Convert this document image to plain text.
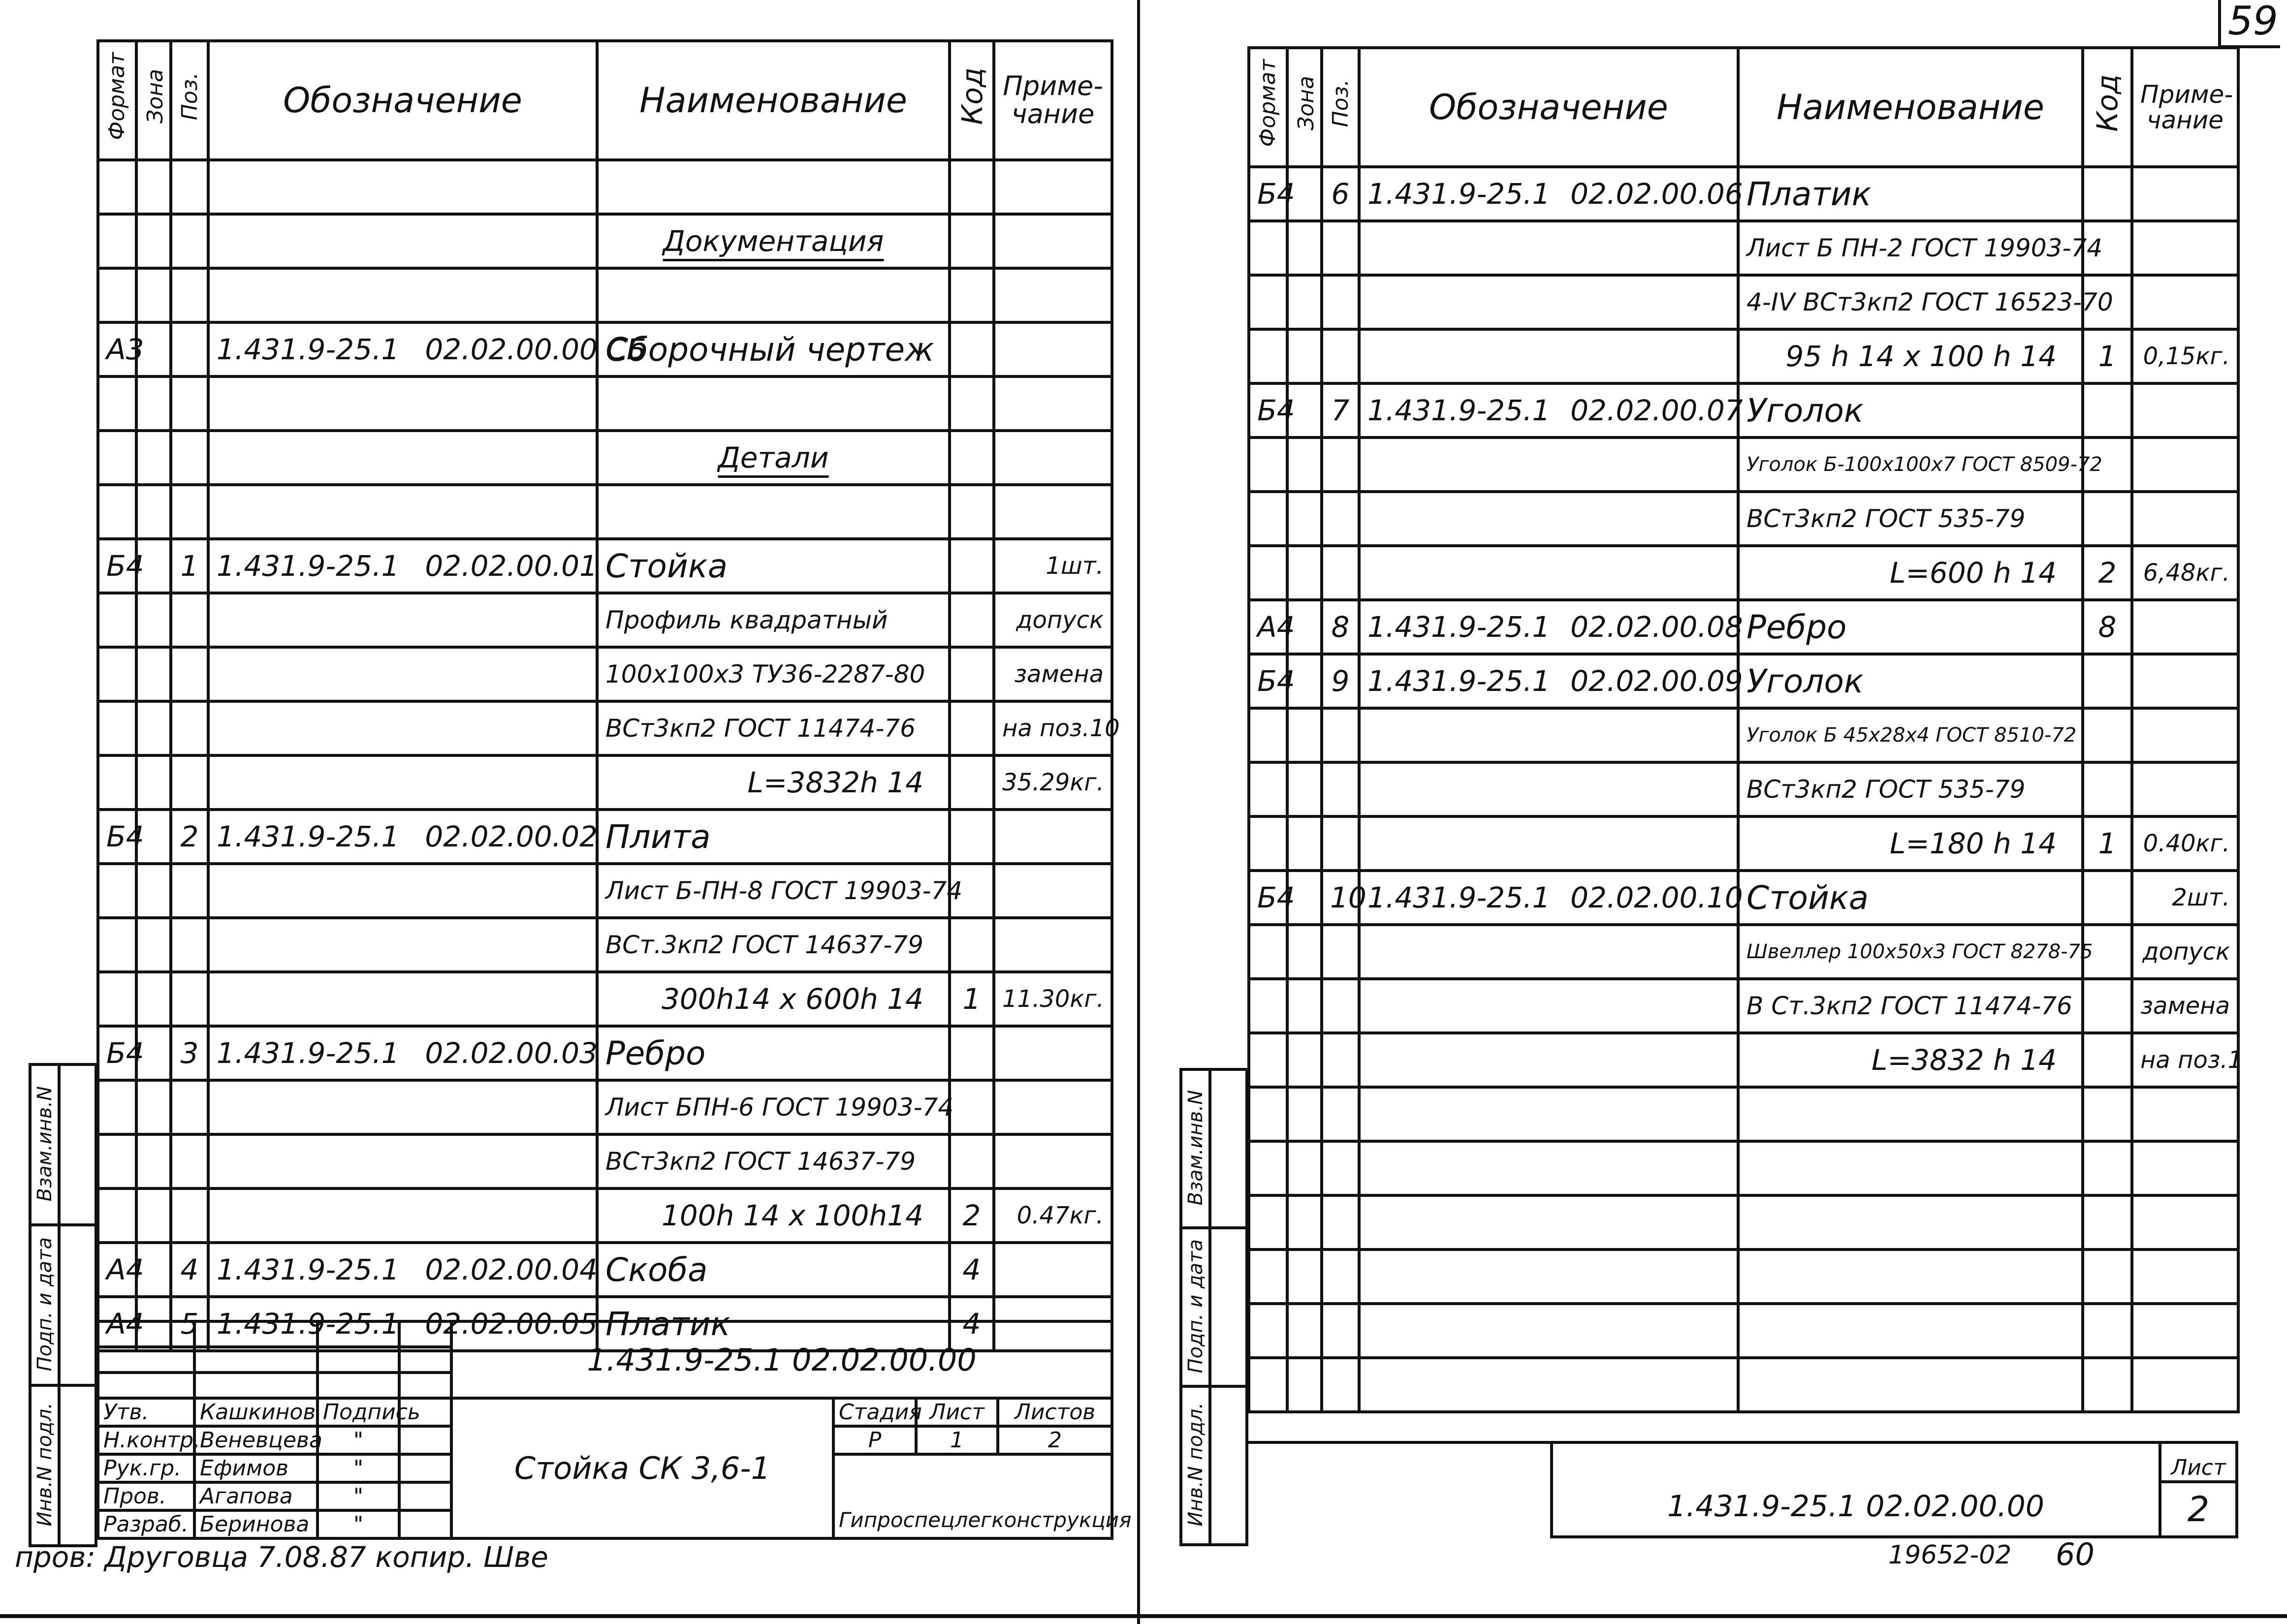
Формат	Зона	Поз.	Обозначение	Наименование	Код	Приме-
чание

				Документация		

А3			1.431.9-25.1 02.02.00.00 СБ	Сборочный чертеж		

				Детали		

Б4		1	1.431.9-25.1 02.02.00.01	Стойка		1шт.
				Профиль квадратный		допуск
				100x100x3 ТУ36-2287-80		замена
				ВСт3кп2 ГОСТ 11474-76		на поз.10
				L=3832h 14		35.29кг.
Б4		2	1.431.9-25.1 02.02.00.02	Плита		
				Лист Б-ПН-8 ГОСТ 19903-74		
				ВСт.3кп2 ГОСТ 14637-79		
				300h14 x 600h 14	1	11.30кг.
Б4		3	1.431.9-25.1 02.02.00.03	Ребро		
				Лист БПН-6 ГОСТ 19903-74		
				ВСт3кп2 ГОСТ 14637-79		
				100h 14 x 100h14	2	0.47кг.
А4		4	1.431.9-25.1 02.02.00.04	Скоба	4	
А4		5	1.431.9-25.1 02.02.00.05	Платик	4	
Взам.инв.N	
Подп. и дата	
Инв.N подл.	
				1.431.9-25.1 02.02.00.00			

Утв.	Кашкинов	Подпись		Стойка СК 3,6-1	Стадия	Лист	Листов
Н.контр.	Веневцева	"			Р	1	2
Рук.гр.	Ефимов	"			Гипроспецлегконструкция		
Пров.	Агапова	"					
Разраб.	Беринова	"					
пров: Друговца 7.08.87 копир. Шве
59
Формат	Зона	Поз.	Обозначение	Наименование	Код	Приме-
чание
Б4		6	1.431.9-25.1 02.02.00.06	Платик		
				Лист Б ПН-2 ГОСТ 19903-74		
				4-IV ВСт3кп2 ГОСТ 16523-70		
				95 h 14 x 100 h 14	1	0,15кг.
Б4		7	1.431.9-25.1 02.02.00.07	Уголок		
				Уголок Б-100x100x7 ГОСТ 8509-72		
				ВСт3кп2 ГОСТ 535-79		
				L=600 h 14	2	6,48кг.
А4		8	1.431.9-25.1 02.02.00.08	Ребро	8	
Б4		9	1.431.9-25.1 02.02.00.09	Уголок		
				Уголок Б 45x28x4 ГОСТ 8510-72		
				ВСт3кп2 ГОСТ 535-79		
				L=180 h 14	1	0.40кг.
Б4		10	1.431.9-25.1 02.02.00.10	Стойка		2шт.
				Швеллер 100x50x3 ГОСТ 8278-75		допуск
				В Ст.3кп2 ГОСТ 11474-76		замена
				L=3832 h 14		на поз.1

Взам.инв.N	
Подп. и дата	
Инв.N подл.	
		1.431.9-25.1 02.02.00.00	Лист
2
19652-02 60
